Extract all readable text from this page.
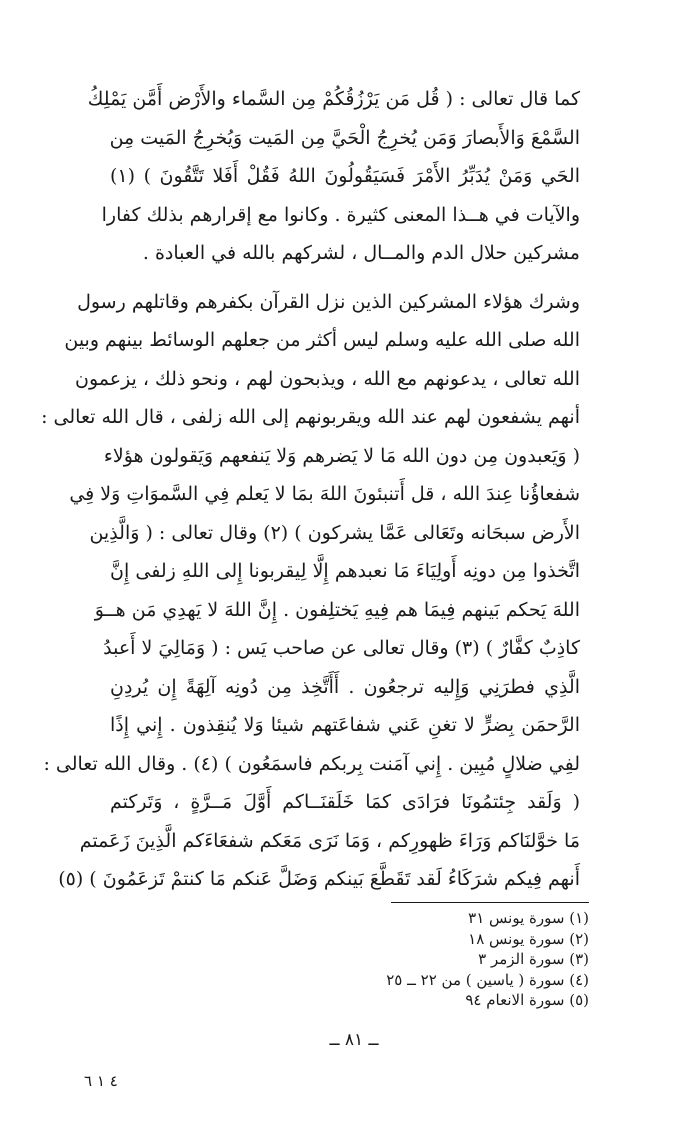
كما قال تعالى : ( قُل مَن يَرْزُقُكُمْ مِن السَّماء والأَرْض أَمَّن يَمْلِكُ
السَّمْعَ وَالأَبصارَ وَمَن يُخرِجُ الْحَيَّ مِن المَيت وَيُخرِجُ المَيت مِن
الحَي وَمَنْ يُدَبِّرُ الأَمْرَ فَسَيَقُولُونَ اللهُ فَقُلْ أَفَلا تَتَّقُونَ ) (١)
والآيات في هــذا المعنى كثيرة . وكانوا مع إقرارهم بذلك كفارا
مشركين حلال الدم والمــال ، لشركهم بالله في العبادة .
وشرك هؤلاء المشركين الذين نزل القرآن بكفرهم وقاتلهم رسول
الله صلى الله عليه وسلم ليس أكثر من جعلهم الوسائط بينهم وبين
الله تعالى ، يدعونهم مع الله ، ويذبحون لهم ، ونحو ذلك ، يزعمون
أنهم يشفعون لهم عند الله ويقربونهم إلى الله زلفى ، قال الله تعالى :
( وَيَعبدون مِن دون الله مَا لا يَضرهم وَلا يَنفعهم وَيَقولون هؤلاء
شفعاؤُنا عِندَ الله ، قل أَتنبئونَ اللهَ بمَا لا يَعلم فِي السَّموَاتِ وَلا فِي
الأَرض سبحَانه وتَعَالى عَمَّا يشركون ) (٢) وقال تعالى : ( وَالَّذِين
اتَّخذوا مِن دونِه أَولِيَاءَ مَا نعبدهم إِلَّا لِيقربونا إِلى اللهِ زلفى إِنَّ
اللهَ يَحكم بَينهم فِيمَا هم فِيهِ يَختلِفون . إِنَّ اللهَ لا يَهدِي مَن هــوَ
كاذِبٌ كفَّارٌ ) (٣) وقال تعالى عن صاحب يَس : ( وَمَالِيَ لا أَعبدُ
الَّذِي فطرَنِي وَإِليه ترجعُون . أَأَتَّخِذ مِن دُونِه آلِهَةً إِن يُردِنِ
الرَّحمَن بِضرٍّ لا تغنِ عَني شفاعَتهم شيئا وَلا يُنقِذون . إِني إِذًا
لفِي ضلالٍ مُبِين . إِني آمَنت بِربكم فاسمَعُون ) (٤) . وقال الله تعالى :
( وَلَقد جِئتمُونَا فرَادَى كمَا خَلَقنَــاكم أَوَّلَ مَــرَّةٍ ، وَتَركتم
مَا خوَّلنَاكم وَرَاءَ ظهورِكم ، وَمَا نَرَى مَعَكم شفعَاءَكم الَّذِينَ زَعَمتم
أَنهم فِيكم شرَكَاءُ لَقد تَقَطَّعَ بَينكم وَضَلَّ عَنكم مَا كنتمْ تَزعَمُونَ ) (٥)
(١) سورة يونس ٣١
(٢) سورة يونس ١٨
(٣) سورة الزمر ٣
(٤) سورة ( ياسين ) من ٢٢ ــ ٢٥
(٥) سورة الانعام ٩٤
ــ ٨١ ــ
٤ ١ ٦
